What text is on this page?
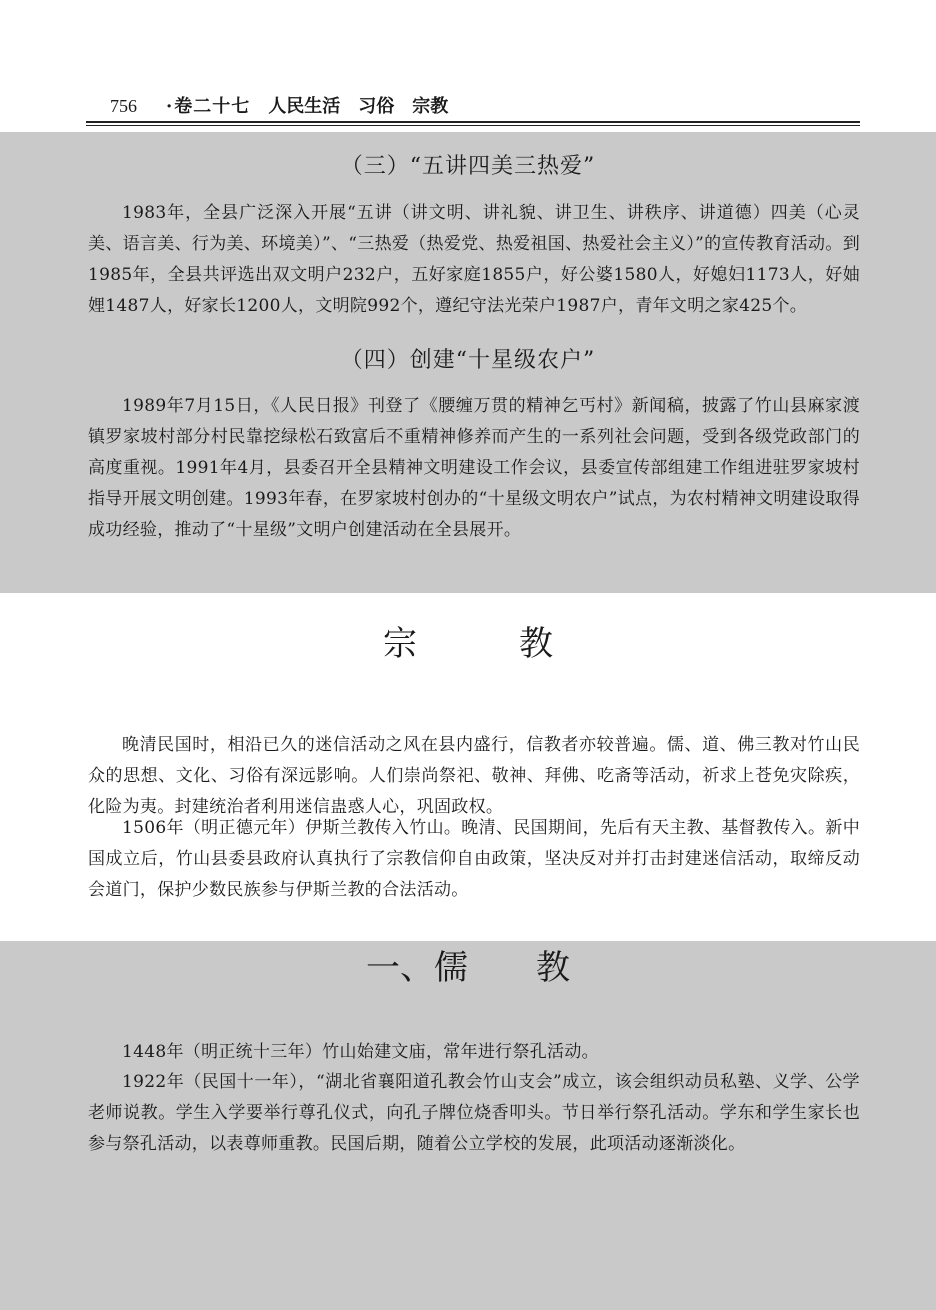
756 · 卷二十七 人民生活 习俗 宗教
（三）“五讲四美三热爱”

1983年，全县广泛深入开展“五讲（讲文明、讲礼貌、讲卫生、讲秩序、讲道德）四美（心灵美、语言美、行为美、环境美）”、“三热爱（热爱党、热爱祖国、热爱社会主义）”的宣传教育活动。到1985年，全县共评选出双文明户232户，五好家庭1855户，好公婆1580人，好媳妇1173人，好妯娌1487人，好家长1200人，文明院992个，遵纪守法光荣户1987户，青年文明之家425个。

（四）创建“十星级农户”

1989年7月15日，《人民日报》刊登了《腰缠万贯的精神乞丐村》新闻稿，披露了竹山县麻家渡镇罗家坡村部分村民靠挖绿松石致富后不重精神修养而产生的一系列社会问题，受到各级党政部门的高度重视。1991年4月，县委召开全县精神文明建设工作会议，县委宣传部组建工作组进驻罗家坡村指导开展文明创建。1993年春，在罗家坡村创办的“十星级文明农户”试点，为农村精神文明建设取得成功经验，推动了“十星级”文明户创建活动在全县展开。

宗　　　教

晚清民国时，相沿已久的迷信活动之风在县内盛行，信教者亦较普遍。儒、道、佛三教对竹山民众的思想、文化、习俗有深远影响。人们崇尚祭祀、敬神、拜佛、吃斋等活动，祈求上苍免灾除疾，化险为夷。封建统治者利用迷信蛊惑人心，巩固政权。

1506年（明正德元年）伊斯兰教传入竹山。晚清、民国期间，先后有天主教、基督教传入。新中国成立后，竹山县委县政府认真执行了宗教信仰自由政策，坚决反对并打击封建迷信活动，取缔反动会道门，保护少数民族参与伊斯兰教的合法活动。

一、儒　　教

1448年（明正统十三年）竹山始建文庙，常年进行祭孔活动。

1922年（民国十一年），“湖北省襄阳道孔教会竹山支会”成立，该会组织动员私塾、义学、公学老师说教。学生入学要举行尊孔仪式，向孔子牌位烧香叩头。节日举行祭孔活动。学东和学生家长也参与祭孔活动，以表尊师重教。民国后期，随着公立学校的发展，此项活动逐渐淡化。
